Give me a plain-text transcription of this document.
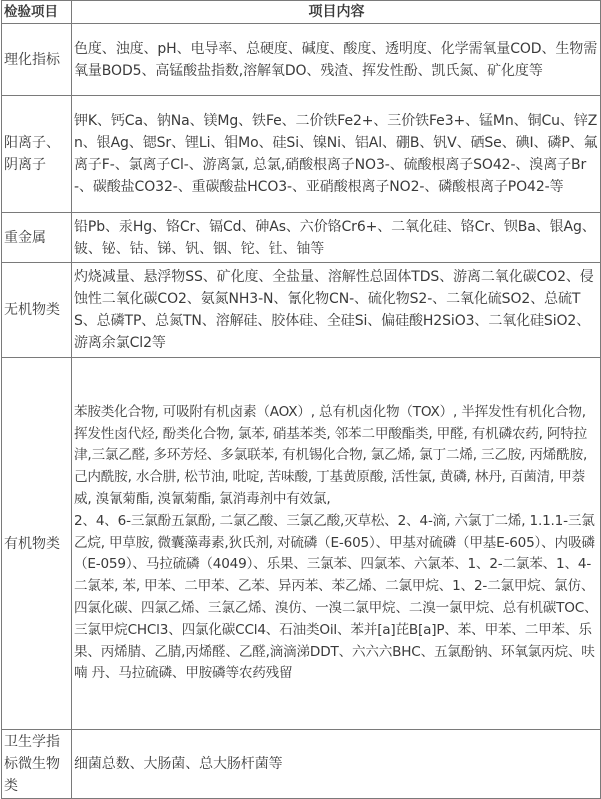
检验项目	项目内容
理化指标	色度、浊度、pH、电导率、总硬度、碱度、酸度、透明度、化学需氧量COD、生物需氧量BOD5、高锰酸盐指数,溶解氧DO、残渣、挥发性酚、凯氏氮、矿化度等

阳离子、阴离子	钾K、钙Ca、钠Na、镁Mg、铁Fe、二价铁Fe2+、三价铁Fe3+、锰Mn、铜Cu、锌Zn、银Ag、锶Sr、锂Li、钼Mo、硅Si、镍Ni、铝Al、硼B、钒V、硒Se、碘I、磷P、氟离子F-、氯离子Cl-、游离氯, 总氯,硝酸根离子NO3-、硫酸根离子SO42-、溴离子Br-、碳酸盐CO32-、重碳酸盐HCO3-、亚硝酸根离子NO2-、磷酸根离子PO42-等

重金属	铅Pb、汞Hg、铬Cr、镉Cd、砷As、六价铬Cr6+、二氧化硅、铬Cr、钡Ba、银Ag、铍、铋、钴、锑、钒、铟、铊、钍、铀等

无机物类	灼烧减量、悬浮物SS、矿化度、全盐量、溶解性总固体TDS、游离二氧化碳CO2、侵蚀性二氧化碳CO2、氨氮NH3-N、氰化物CN-、硫化物S2-、二氧化硫SO2、总硫TS、总磷TP、总氮TN、溶解硅、胶体硅、全硅Si、偏硅酸H2SiO3、二氧化硅SiO2、游离余氯Cl2等

有机物类	苯胺类化合物, 可吸附有机卤素（AOX）, 总有机卤化物（TOX）, 半挥发性有机化合物, 挥发性卤代烃, 酚类化合物, 氯苯, 硝基苯类, 邻苯二甲酸酯类, 甲醛, 有机磷农药, 阿特拉津,三氯乙醛, 多环芳烃、多氯联苯, 有机锡化合物, 氯乙烯, 氯丁二烯, 三乙胺, 丙烯酰胺, 己内酰胺, 水合肼, 松节油, 吡啶, 苦味酸, 丁基黄原酸, 活性氯, 黄磷, 林丹, 百菌清, 甲萘威, 溴氰菊酯, 溴氰菊酯, 氯消毒剂中有效氯,
2、4、6-三氯酚五氯酚, 二氯乙酸、三氯乙酸,灭草松、2、4-滴, 六氯丁二烯, 1.1.1-三氯乙烷, 甲草胺, 微囊藻毒素,狄氏剂, 对硫磷（E-605）、甲基对硫磷（甲基E-605）、内吸磷（E-059）、马拉硫磷（4049）、乐果、三氯苯、四氯苯、六氯苯、1、2-二氯苯、1、4-二氯苯, 苯, 甲苯、二甲苯、乙苯、异丙苯、苯乙烯、二氯甲烷、1、2-二氯甲烷、氯仿、四氯化碳、四氯乙烯、三氯乙烯、溴仿、一溴二氯甲烷、二溴一氯甲烷、总有机碳TOC、三氯甲烷CHCl3、四氯化碳CCl4、石油类Oil、苯并[a]芘B[a]P、苯、甲苯、二甲苯、乐果、丙烯腈、乙腈,丙烯醛、乙醛,滴滴涕DDT、六六六BHC、五氯酚钠、环氧氯丙烷、呋喃 丹、马拉硫磷、甲胺磷等农药残留

卫生学指标微生物类	细菌总数、大肠菌、总大肠杆菌等
